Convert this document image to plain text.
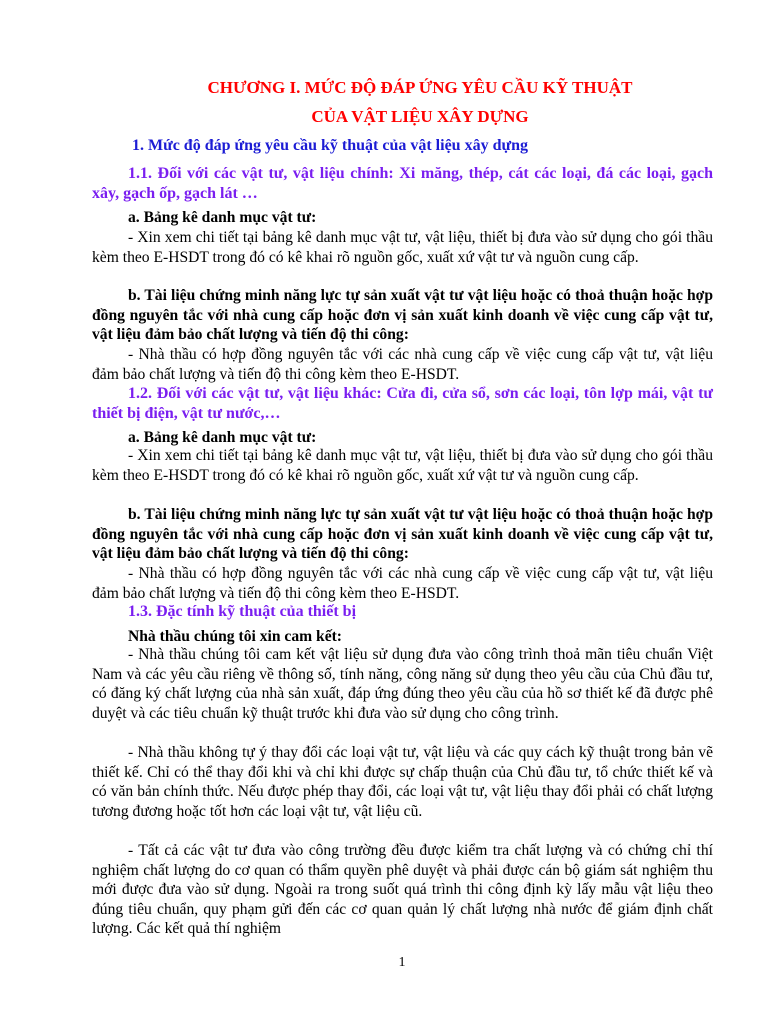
CHƯƠNG I. MỨC ĐỘ ĐÁP ỨNG YÊU CẦU KỸ THUẬT
CỦA VẬT LIỆU XÂY DỰNG
1. Mức độ đáp ứng yêu cầu kỹ thuật của vật liệu xây dựng
1.1. Đối với các vật tư, vật liệu chính: Xi măng, thép, cát các loại, đá các loại, gạch xây, gạch ốp, gạch lát …
a. Bảng kê danh mục vật tư:
- Xin xem chi tiết tại bảng kê danh mục vật tư, vật liệu, thiết bị đưa vào sử dụng cho gói thầu kèm theo E-HSDT trong đó có kê khai rõ nguồn gốc, xuất xứ vật tư và nguồn cung cấp.
b. Tài liệu chứng minh năng lực tự sản xuất vật tư vật liệu hoặc có thoả thuận hoặc hợp đồng nguyên tắc với nhà cung cấp hoặc đơn vị sản xuất kinh doanh về việc cung cấp vật tư, vật liệu đảm bảo chất lượng và tiến độ thi công:
- Nhà thầu có hợp đồng nguyên tắc với các nhà cung cấp về việc cung cấp vật tư, vật liệu đảm bảo chất lượng và tiến độ thi công kèm theo E-HSDT.
1.2. Đối với các vật tư, vật liệu khác: Cửa đi, cửa sổ, sơn các loại, tôn lợp mái, vật tư thiết bị điện, vật tư nước,…
a. Bảng kê danh mục vật tư:
- Xin xem chi tiết tại bảng kê danh mục vật tư, vật liệu, thiết bị đưa vào sử dụng cho gói thầu kèm theo E-HSDT trong đó có kê khai rõ nguồn gốc, xuất xứ vật tư và nguồn cung cấp.
b. Tài liệu chứng minh năng lực tự sản xuất vật tư vật liệu hoặc có thoả thuận hoặc hợp đồng nguyên tắc với nhà cung cấp hoặc đơn vị sản xuất kinh doanh về việc cung cấp vật tư, vật liệu đảm bảo chất lượng và tiến độ thi công:
- Nhà thầu có hợp đồng nguyên tắc với các nhà cung cấp về việc cung cấp vật tư, vật liệu đảm bảo chất lượng và tiến độ thi công kèm theo E-HSDT.
1.3. Đặc tính kỹ thuật của thiết bị
Nhà thầu chúng tôi xin cam kết:
- Nhà thầu chúng tôi cam kết vật liệu sử dụng đưa vào công trình thoả mãn tiêu chuẩn Việt Nam và các yêu cầu riêng về thông số, tính năng, công năng sử dụng theo yêu cầu của Chủ đầu tư, có đăng ký chất lượng của nhà sản xuất, đáp ứng đúng theo yêu cầu của hồ sơ thiết kế đã được phê duyệt và các tiêu chuẩn kỹ thuật trước khi đưa vào sử dụng cho công trình.
- Nhà thầu không tự ý thay đổi các loại vật tư, vật liệu và các quy cách kỹ thuật trong bản vẽ thiết kế. Chỉ có thể thay đổi khi và chỉ khi được sự chấp thuận của Chủ đầu tư, tổ chức thiết kế và có văn bản chính thức. Nếu được phép thay đổi, các loại vật tư, vật liệu thay đổi phải có chất lượng tương đương hoặc tốt hơn các loại vật tư, vật liệu cũ.
- Tất cả các vật tư đưa vào công trường đều được kiểm tra chất lượng và có chứng chỉ thí nghiệm chất lượng do cơ quan có thẩm quyền phê duyệt và phải được cán bộ giám sát nghiệm thu mới được đưa vào sử dụng. Ngoài ra trong suốt quá trình thi công định kỳ lấy mẫu vật liệu theo đúng tiêu chuẩn, quy phạm gửi đến các cơ quan quản lý chất lượng nhà nước để giám định chất lượng. Các kết quả thí nghiệm
1
